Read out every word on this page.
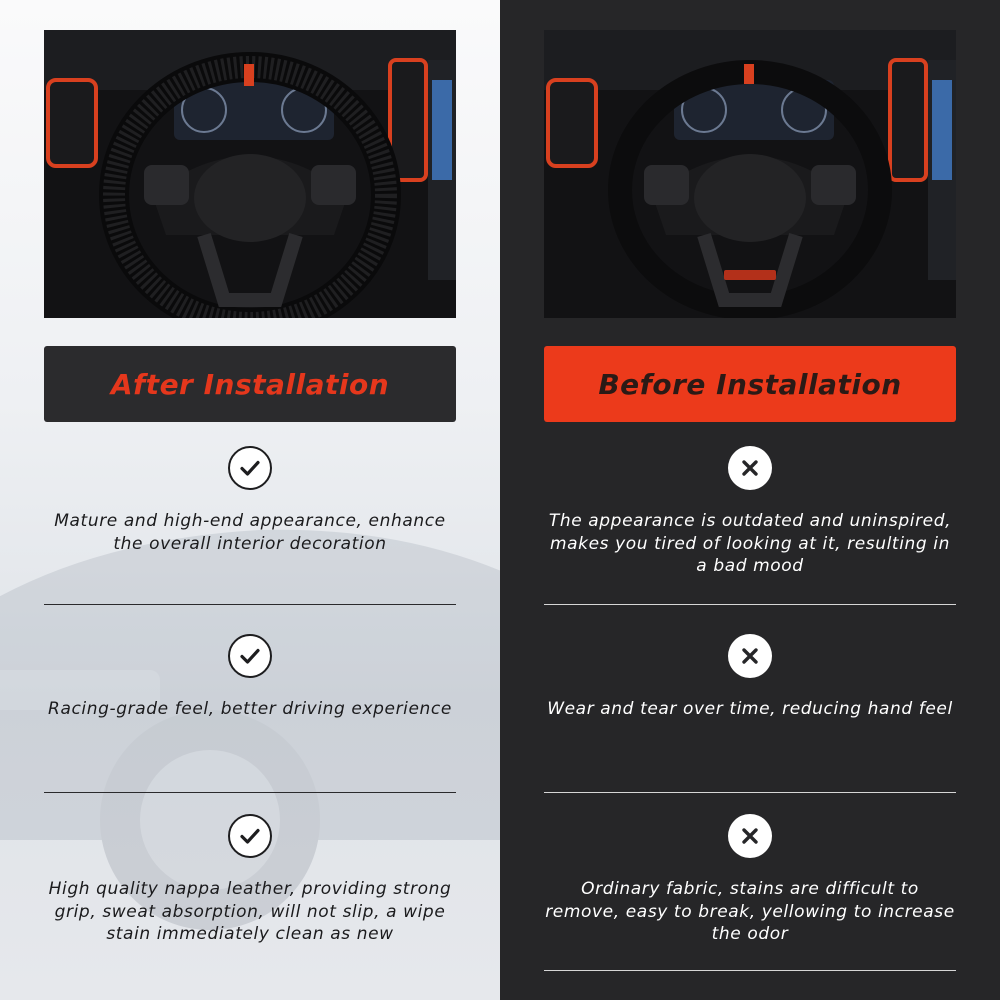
After Installation
Mature and high-end appearance, enhance the overall interior decoration
Racing-grade feel, better driving experience
High quality nappa leather, providing strong grip, sweat absorption, will not slip, a wipe stain immediately clean as new
Before Installation
The appearance is outdated and uninspired, makes you tired of looking at it, resulting in a bad mood
Wear and tear over time, reducing hand feel
Ordinary fabric, stains are difficult to remove, easy to break, yellowing to increase the odor
